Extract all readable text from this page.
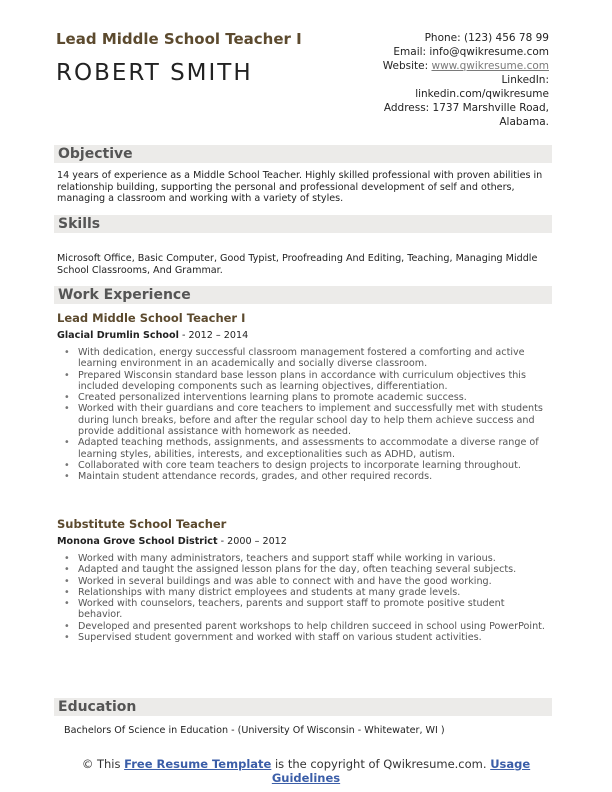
Lead Middle School Teacher I
ROBERT SMITH
Phone: (123) 456 78 99
Email: info@qwikresume.com
Website: www.qwikresume.com
LinkedIn:
linkedin.com/qwikresume
Address: 1737 Marshville Road,
Alabama.
Objective
14 years of experience as a Middle School Teacher. Highly skilled professional with proven abilities in relationship building, supporting the personal and professional development of self and others, managing a classroom and working with a variety of styles.
Skills
Microsoft Office, Basic Computer, Good Typist, Proofreading And Editing, Teaching, Managing Middle School Classrooms, And Grammar.
Work Experience
Lead Middle School Teacher I
Glacial Drumlin School - 2012 – 2014
• With dedication, energy successful classroom management fostered a comforting and active learning environment in an academically and socially diverse classroom.
• Prepared Wisconsin standard base lesson plans in accordance with curriculum objectives this included developing components such as learning objectives, differentiation.
• Created personalized interventions learning plans to promote academic success.
• Worked with their guardians and core teachers to implement and successfully met with students during lunch breaks, before and after the regular school day to help them achieve success and provide additional assistance with homework as needed.
• Adapted teaching methods, assignments, and assessments to accommodate a diverse range of learning styles, abilities, interests, and exceptionalities such as ADHD, autism.
• Collaborated with core team teachers to design projects to incorporate learning throughout.
• Maintain student attendance records, grades, and other required records.
Substitute School Teacher
Monona Grove School District - 2000 – 2012
• Worked with many administrators, teachers and support staff while working in various.
• Adapted and taught the assigned lesson plans for the day, often teaching several subjects.
• Worked in several buildings and was able to connect with and have the good working.
• Relationships with many district employees and students at many grade levels.
• Worked with counselors, teachers, parents and support staff to promote positive student behavior.
• Developed and presented parent workshops to help children succeed in school using PowerPoint.
• Supervised student government and worked with staff on various student activities.
Education
Bachelors Of Science in Education - (University Of Wisconsin - Whitewater, WI )
© This Free Resume Template is the copyright of Qwikresume.com. Usage
Guidelines
